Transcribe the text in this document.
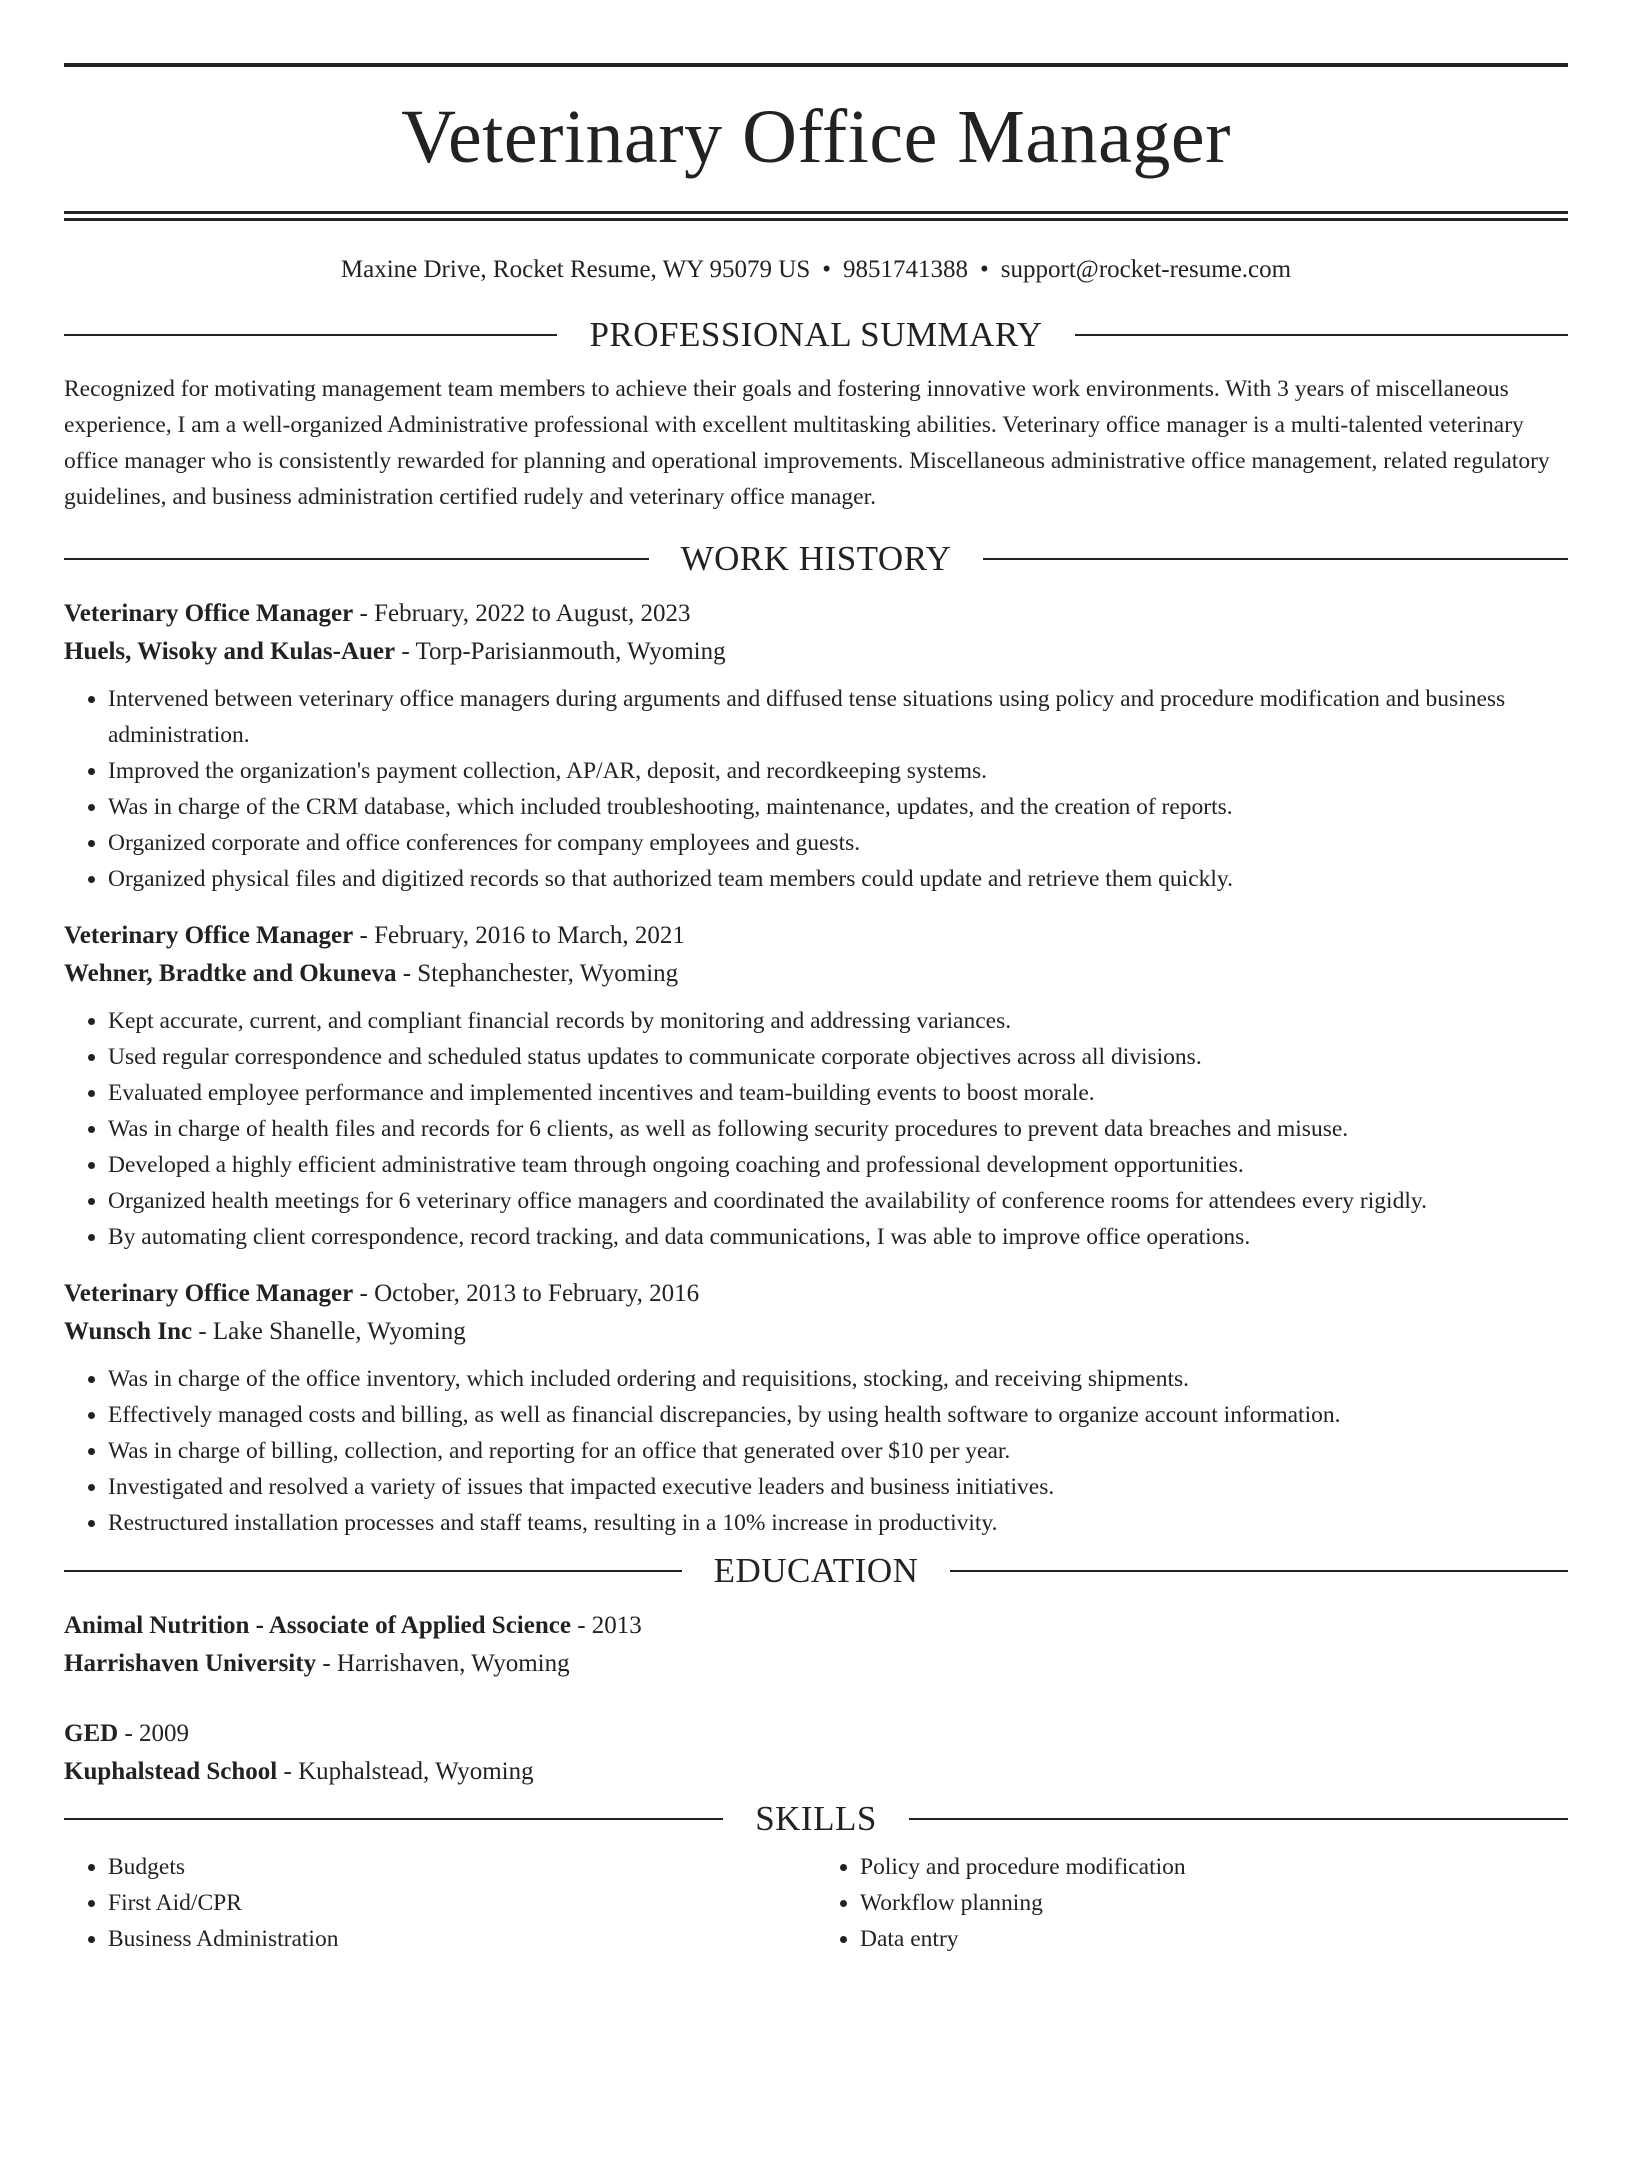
Veterinary Office Manager
Maxine Drive, Rocket Resume, WY 95079 US • 9851741388 • support@rocket-resume.com
PROFESSIONAL SUMMARY

Recognized for motivating management team members to achieve their goals and fostering innovative work environments. With 3 years of miscellaneous experience, I am a well-organized Administrative professional with excellent multitasking abilities. Veterinary office manager is a multi-talented veterinary office manager who is consistently rewarded for planning and operational improvements. Miscellaneous administrative office management, related regulatory guidelines, and business administration certified rudely and veterinary office manager.

WORK HISTORY
Veterinary Office Manager - February, 2022 to August, 2023
Huels, Wisoky and Kulas-Auer - Torp-Parisianmouth, Wyoming
• Intervened between veterinary office managers during arguments and diffused tense situations using policy and procedure modification and business administration.
• Improved the organization's payment collection, AP/AR, deposit, and recordkeeping systems.
• Was in charge of the CRM database, which included troubleshooting, maintenance, updates, and the creation of reports.
• Organized corporate and office conferences for company employees and guests.
• Organized physical files and digitized records so that authorized team members could update and retrieve them quickly.
Veterinary Office Manager - February, 2016 to March, 2021
Wehner, Bradtke and Okuneva - Stephanchester, Wyoming
• Kept accurate, current, and compliant financial records by monitoring and addressing variances.
• Used regular correspondence and scheduled status updates to communicate corporate objectives across all divisions.
• Evaluated employee performance and implemented incentives and team-building events to boost morale.
• Was in charge of health files and records for 6 clients, as well as following security procedures to prevent data breaches and misuse.
• Developed a highly efficient administrative team through ongoing coaching and professional development opportunities.
• Organized health meetings for 6 veterinary office managers and coordinated the availability of conference rooms for attendees every rigidly.
• By automating client correspondence, record tracking, and data communications, I was able to improve office operations.
Veterinary Office Manager - October, 2013 to February, 2016
Wunsch Inc - Lake Shanelle, Wyoming
• Was in charge of the office inventory, which included ordering and requisitions, stocking, and receiving shipments.
• Effectively managed costs and billing, as well as financial discrepancies, by using health software to organize account information.
• Was in charge of billing, collection, and reporting for an office that generated over $10 per year.
• Investigated and resolved a variety of issues that impacted executive leaders and business initiatives.
• Restructured installation processes and staff teams, resulting in a 10% increase in productivity.
EDUCATION
Animal Nutrition - Associate of Applied Science - 2013
Harrishaven University - Harrishaven, Wyoming
GED - 2009
Kuphalstead School - Kuphalstead, Wyoming
SKILLS
• Budgets
• First Aid/CPR
• Business Administration
• Policy and procedure modification
• Workflow planning
• Data entry
